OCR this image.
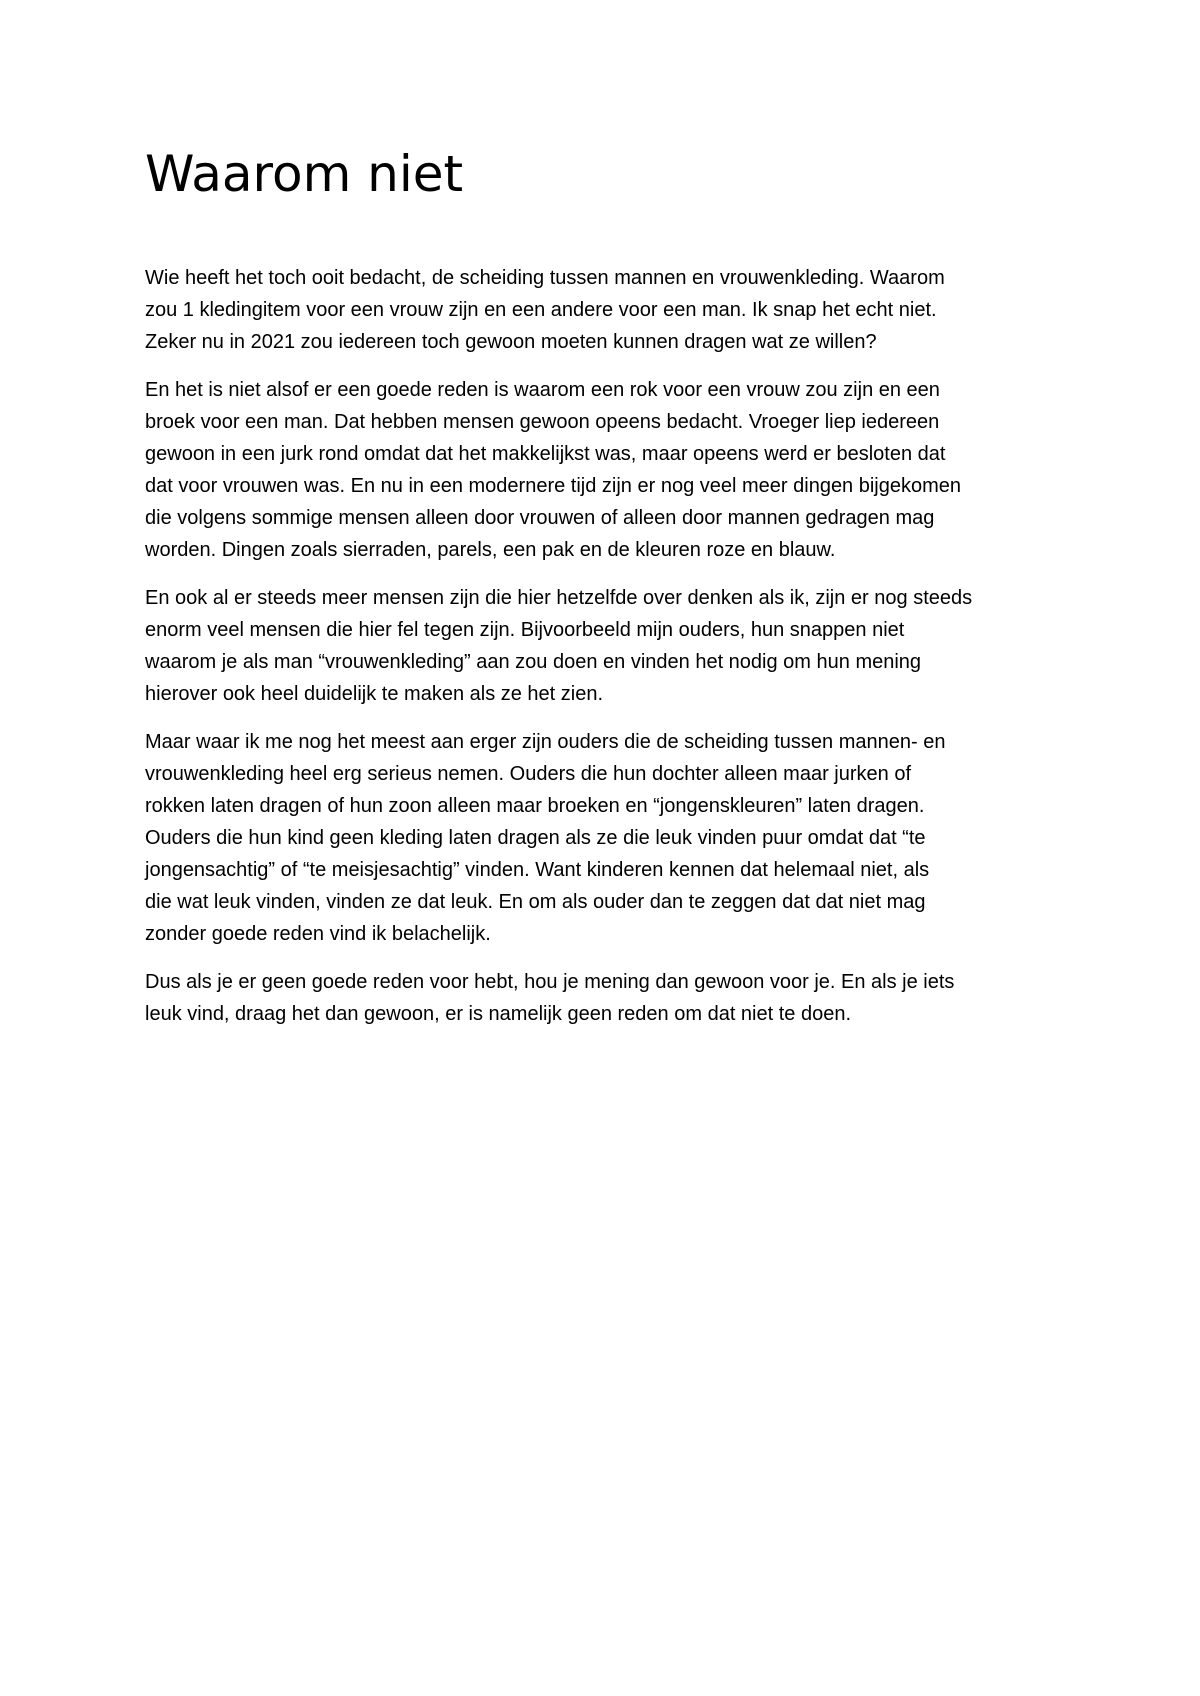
Waarom niet
Wie heeft het toch ooit bedacht, de scheiding tussen mannen en vrouwenkleding. Waarom
zou 1 kledingitem voor een vrouw zijn en een andere voor een man. Ik snap het echt niet.
Zeker nu in 2021 zou iedereen toch gewoon moeten kunnen dragen wat ze willen?
En het is niet alsof er een goede reden is waarom een rok voor een vrouw zou zijn en een
broek voor een man. Dat hebben mensen gewoon opeens bedacht. Vroeger liep iedereen
gewoon in een jurk rond omdat dat het makkelijkst was, maar opeens werd er besloten dat
dat voor vrouwen was. En nu in een modernere tijd zijn er nog veel meer dingen bijgekomen
die volgens sommige mensen alleen door vrouwen of alleen door mannen gedragen mag
worden. Dingen zoals sierraden, parels, een pak en de kleuren roze en blauw.
En ook al er steeds meer mensen zijn die hier hetzelfde over denken als ik, zijn er nog steeds
enorm veel mensen die hier fel tegen zijn. Bijvoorbeeld mijn ouders, hun snappen niet
waarom je als man “vrouwenkleding” aan zou doen en vinden het nodig om hun mening
hierover ook heel duidelijk te maken als ze het zien.
Maar waar ik me nog het meest aan erger zijn ouders die de scheiding tussen mannen- en
vrouwenkleding heel erg serieus nemen. Ouders die hun dochter alleen maar jurken of
rokken laten dragen of hun zoon alleen maar broeken en “jongenskleuren” laten dragen.
Ouders die hun kind geen kleding laten dragen als ze die leuk vinden puur omdat dat “te
jongensachtig” of “te meisjesachtig” vinden. Want kinderen kennen dat helemaal niet, als
die wat leuk vinden, vinden ze dat leuk. En om als ouder dan te zeggen dat dat niet mag
zonder goede reden vind ik belachelijk.
Dus als je er geen goede reden voor hebt, hou je mening dan gewoon voor je. En als je iets
leuk vind, draag het dan gewoon, er is namelijk geen reden om dat niet te doen.
